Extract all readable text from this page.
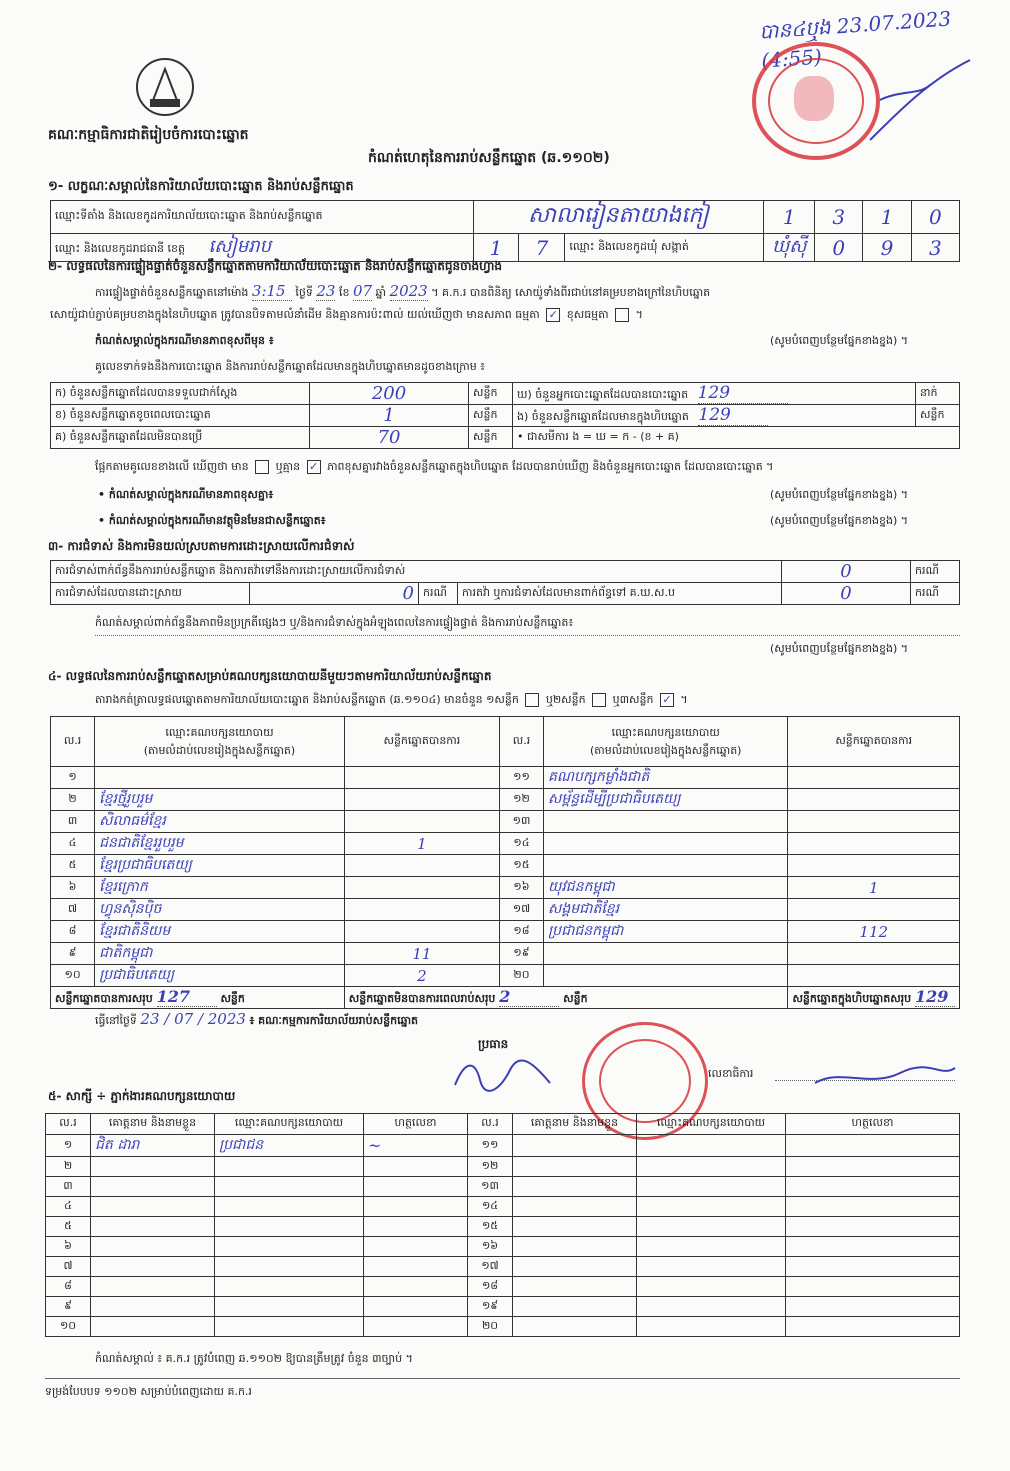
បាន៤ឬង 23.07.2023 (4:55)
គណៈកម្មាធិការជាតិរៀបចំការបោះឆ្នោត
កំណត់ហេតុនៃការរាប់សន្លឹកឆ្នោត (ឆ.១១០២)
១- លក្ខណៈសម្គាល់នៃការិយាល័យបោះឆ្នោត និងរាប់សន្លឹកឆ្នោត
ឈ្មោះទីតាំង និងលេខកូដការិយាល័យបោះឆ្នោត និងរាប់សន្លឹកឆ្នោត	សាលារៀនតាយាងកៀ			1	3	1	0
ឈ្មោះ និងលេខកូដរាជធានី ខេត្ត សៀមរាប	1	7	ឈ្មោះ និងលេខកូដឃុំ សង្កាត់	ឃុំស៊ី	0	9	3
២- លទ្ធផលនៃការផ្ទៀងផ្ទាត់ចំនួនសន្លឹកឆ្នោតតាមការិយាល័យបោះឆ្នោត និងរាប់សន្លឹកឆ្នោតជូនចាងហ្វាង
ការផ្ទៀងផ្ទាត់ចំនួនសន្លឹកឆ្នោតនៅម៉ោង 3:15 ថ្ងៃទី 23 ខែ 07 ឆ្នាំ 2023 ។ គ.ក.រ បានពិនិត្យ សោយ៉ូទាំងពីរជាប់នៅគម្របខាងក្រៅនៃហិបឆ្នោត
សោយ៉ូជាប់ភ្ជាប់គម្របខាងក្នុងនៃហិបឆ្នោត ត្រូវបានបិទតាមលំនាំដើម និងគ្មានការប៉ះពាល់ យល់ឃើញថា មានសភាព ធម្មតា ✓ ខុសធម្មតា  ។
កំណត់សម្គាល់ក្នុងករណីមានភាពខុសពីមុន ៖	(សូមបំពេញបន្ថែមផ្នែកខាងខ្នង) ។
គូលេខទាក់ទងនឹងការបោះឆ្នោត និងការរាប់សន្លឹកឆ្នោតដែលមានក្នុងហិបឆ្នោតមានដូចខាងក្រោម ៖
ក) ចំនួនសន្លឹកឆ្នោតដែលបានទទួលជាក់ស្តែង	200	សន្លឹក	ឃ) ចំនួនអ្នកបោះឆ្នោតដែលបានបោះឆ្នោត 129	នាក់
ខ) ចំនួនសន្លឹកឆ្នោតខូចពេលបោះឆ្នោត	1	សន្លឹក	ង) ចំនួនសន្លឹកឆ្នោតដែលមានក្នុងហិបឆ្នោត 129	សន្លឹក
គ) ចំនួនសន្លឹកឆ្នោតដែលមិនបានប្រើ	70	សន្លឹក	• ជាសមីការ ង = ឃ = ក - (ខ + គ)	
ផ្អែកតាមគូលេខខាងលើ ឃើញថា មាន ឬគ្មាន ✓ ភាពខុសគ្នារវាងចំនួនសន្លឹកឆ្នោតក្នុងហិបឆ្នោត ដែលបានរាប់ឃើញ និងចំនួនអ្នកបោះឆ្នោត ដែលបានបោះឆ្នោត ។
• កំណត់សម្គាល់ក្នុងករណីមានភាពខុសគ្នា៖	(សូមបំពេញបន្ថែមផ្នែកខាងខ្នង) ។
• កំណត់សម្គាល់ក្នុងករណីមានវត្ថុមិនមែនជាសន្លឹកឆ្នោត៖	(សូមបំពេញបន្ថែមផ្នែកខាងខ្នង) ។
៣- ការជំទាស់ និងការមិនយល់ស្របតាមការដោះស្រាយលើការជំទាស់
ការជំទាស់ពាក់ព័ន្ធនឹងការរាប់សន្លឹកឆ្នោត និងការតវ៉ាទៅនឹងការដោះស្រាយលើការជំទាស់				0	ករណី
ការជំទាស់ដែលបានដោះស្រាយ	0	ករណី	ការតវ៉ា ឬការជំទាស់ដែលមានពាក់ព័ន្ធទៅ គ.ឃ.ស.ប	0	ករណី
កំណត់សម្គាល់ពាក់ព័ន្ធនឹងភាពមិនប្រក្រតីផ្សេងៗ ឬ/និងការជំទាស់ក្នុងអំឡុងពេលនៃការផ្ទៀងផ្ទាត់ និងការរាប់សន្លឹកឆ្នោត៖
(សូមបំពេញបន្ថែមផ្នែកខាងខ្នង) ។
៤- លទ្ធផលនៃការរាប់សន្លឹកឆ្នោតសម្រាប់គណបក្សនយោបាយនីមួយៗតាមការិយាល័យរាប់សន្លឹកឆ្នោត
តារាងកត់ត្រាលទ្ធផលឆ្នោតតាមការិយាល័យបោះឆ្នោត និងរាប់សន្លឹកឆ្នោត (ឆ.១១០៤) មានចំនួន ១សន្លឹក ឬ២សន្លឹក ឬ៣សន្លឹក ✓ ។
ល.រ	ឈ្មោះគណបក្សនយោបាយ
(តាមលំដាប់លេខរៀងក្នុងសន្លឹកឆ្នោត)	សន្លឹកឆ្នោតបានការ	ល.រ	ឈ្មោះគណបក្សនយោបាយ
(តាមលំដាប់លេខរៀងក្នុងសន្លឹកឆ្នោត)	សន្លឹកឆ្នោតបានការ
១			១១	គណបក្សកម្លាំងជាតិ	
២	ខ្មែរថ្មីរួបរួម		១២	សម្ព័ន្ធដើម្បីប្រជាធិបតេយ្យ	
៣	សិលាធម៌ខ្មែរ		១៣		
៤	ជនជាតិខ្មែររួបរួម	1	១៤		
៥	ខ្មែរប្រជាធិបតេយ្យ		១៥		
៦	ខ្មែរក្រោក		១៦	យុវជនកម្ពុជា	1
៧	ហ្វុនស៊ិនប៉ិច		១៧	សង្គមជាតិខ្មែរ	
៨	ខ្មែរជាតិនិយម		១៨	ប្រជាជនកម្ពុជា	112
៩	ជាតិកម្ពុជា	11	១៩		
១០	ប្រជាធិបតេយ្យ	2	២០		
សន្លឹកឆ្នោតបានការសរុប 127 សន្លឹក		សន្លឹកឆ្នោតមិនបានការពេលរាប់សរុប 2 សន្លឹក			សន្លឹកឆ្នោតក្នុងហិបឆ្នោតសរុប 129
ធ្វើនៅថ្ងៃទី 23 / 07 / 2023 ៖ គណៈកម្មការការិយាល័យរាប់សន្លឹកឆ្នោត
ប្រធាន
លេខាធិការ
៥- សាក្សី ÷ ភ្នាក់ងារគណបក្សនយោបាយ
ល.រ	គោត្តនាម និងនាមខ្លួន	ឈ្មោះគណបក្សនយោបាយ	ហត្ថលេខា	ល.រ	គោត្តនាម និងនាមខ្លួន	ឈ្មោះគណបក្សនយោបាយ	ហត្ថលេខា
១	ជិត ដារា	ប្រជាជន	~	១១			
២				១២			
៣				១៣			
៤				១៤			
៥				១៥			
៦				១៦			
៧				១៧			
៨				១៨			
៩				១៩			
១០				២០			
កំណត់សម្គាល់ ៖ គ.ក.រ ត្រូវបំពេញ ឆ.១១០២ ឱ្យបានត្រឹមត្រូវ ចំនួន ៣ច្បាប់ ។
ទម្រង់បែបបទ ១១០២ សម្រាប់បំពេញដោយ គ.ក.រ
